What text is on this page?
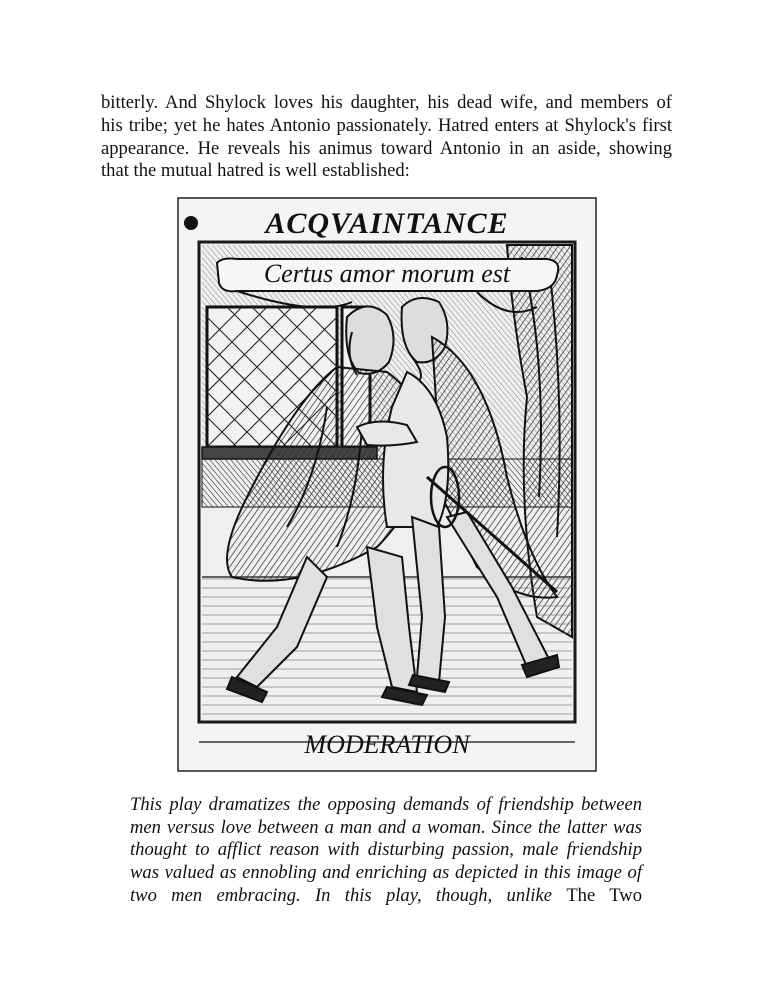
bitterly. And Shylock loves his daughter, his dead wife, and members of
his tribe; yet he hates Antonio passionately. Hatred enters at Shylock's first
appearance. He reveals his animus toward Antonio in an aside, showing
that the mutual hatred is well established:
Certus amor morum est
ACQVAINTANCE
MODERATION
This play dramatizes the opposing demands of friendship between
men versus love between a man and a woman. Since the latter was
thought to afflict reason with disturbing passion, male friendship
was valued as ennobling and enriching as depicted in this image of
two men embracing. In this play, though, unlike The Two
